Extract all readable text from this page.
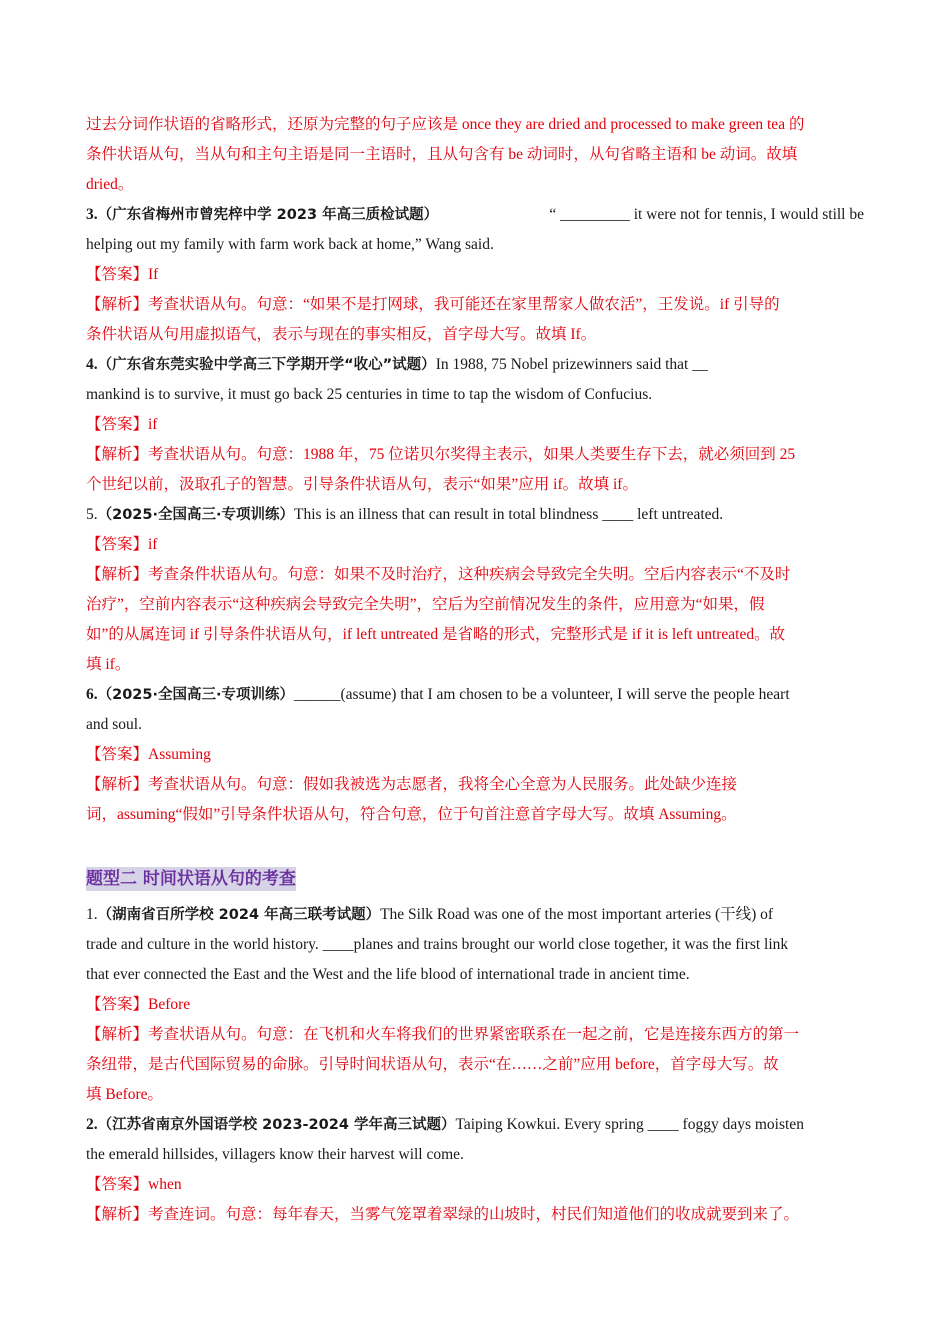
过去分词作状语的省略形式，还原为完整的句子应该是 once they are dried and processed to make green tea 的

条件状语从句，当从句和主句主语是同一主语时，且从句含有 be 动词时，从句省略主语和 be 动词。故填

dried。

3.（广东省梅州市曾宪梓中学 2023 年高三质检试题）	“ _________ it were not for tennis, I would still be

helping out my family with farm work back at home,” Wang said.

【答案】If

【解析】考查状语从句。句意：“如果不是打网球，我可能还在家里帮家人做农活”，王发说。if 引导的

条件状语从句用虚拟语气，表示与现在的事实相反，首字母大写。故填 If。

4.（广东省东莞实验中学高三下学期开学“收心”试题）In 1988, 75 Nobel prizewinners said that __

mankind is to survive, it must go back 25 centuries in time to tap the wisdom of Confucius.

【答案】if

【解析】考查状语从句。句意：1988 年，75 位诺贝尔奖得主表示，如果人类要生存下去，就必须回到 25

个世纪以前，汲取孔子的智慧。引导条件状语从句，表示“如果”应用 if。故填 if。

5.（2025·全国高三·专项训练）This is an illness that can result in total blindness ____ left untreated.

【答案】if

【解析】考查条件状语从句。句意：如果不及时治疗，这种疾病会导致完全失明。空后内容表示“不及时

治疗”，空前内容表示“这种疾病会导致完全失明”，空后为空前情况发生的条件，应用意为“如果，假

如”的从属连词 if 引导条件状语从句，if left untreated 是省略的形式，完整形式是 if it is left untreated。故

填 if。

6.（2025·全国高三·专项训练）______(assume) that I am chosen to be a volunteer, I will serve the people heart

and soul.

【答案】Assuming

【解析】考查状语从句。句意：假如我被选为志愿者，我将全心全意为人民服务。此处缺少连接

词，assuming“假如”引导条件状语从句，符合句意，位于句首注意首字母大写。故填 Assuming。

题型二 时间状语从句的考查

1.（湖南省百所学校 2024 年高三联考试题）The Silk Road was one of the most important arteries (干线) of

trade and culture in the world history. ____planes and trains brought our world close together, it was the first link

that ever connected the East and the West and the life blood of international trade in ancient time.

【答案】Before

【解析】考查状语从句。句意：在飞机和火车将我们的世界紧密联系在一起之前，它是连接东西方的第一

条纽带，是古代国际贸易的命脉。引导时间状语从句，表示“在……之前”应用 before，首字母大写。故

填 Before。

2.（江苏省南京外国语学校 2023-2024 学年高三试题）Taiping Kowkui. Every spring ____ foggy days moisten

the emerald hillsides, villagers know their harvest will come.

【答案】when

【解析】考查连词。句意：每年春天，当雾气笼罩着翠绿的山坡时，村民们知道他们的收成就要到来了。
